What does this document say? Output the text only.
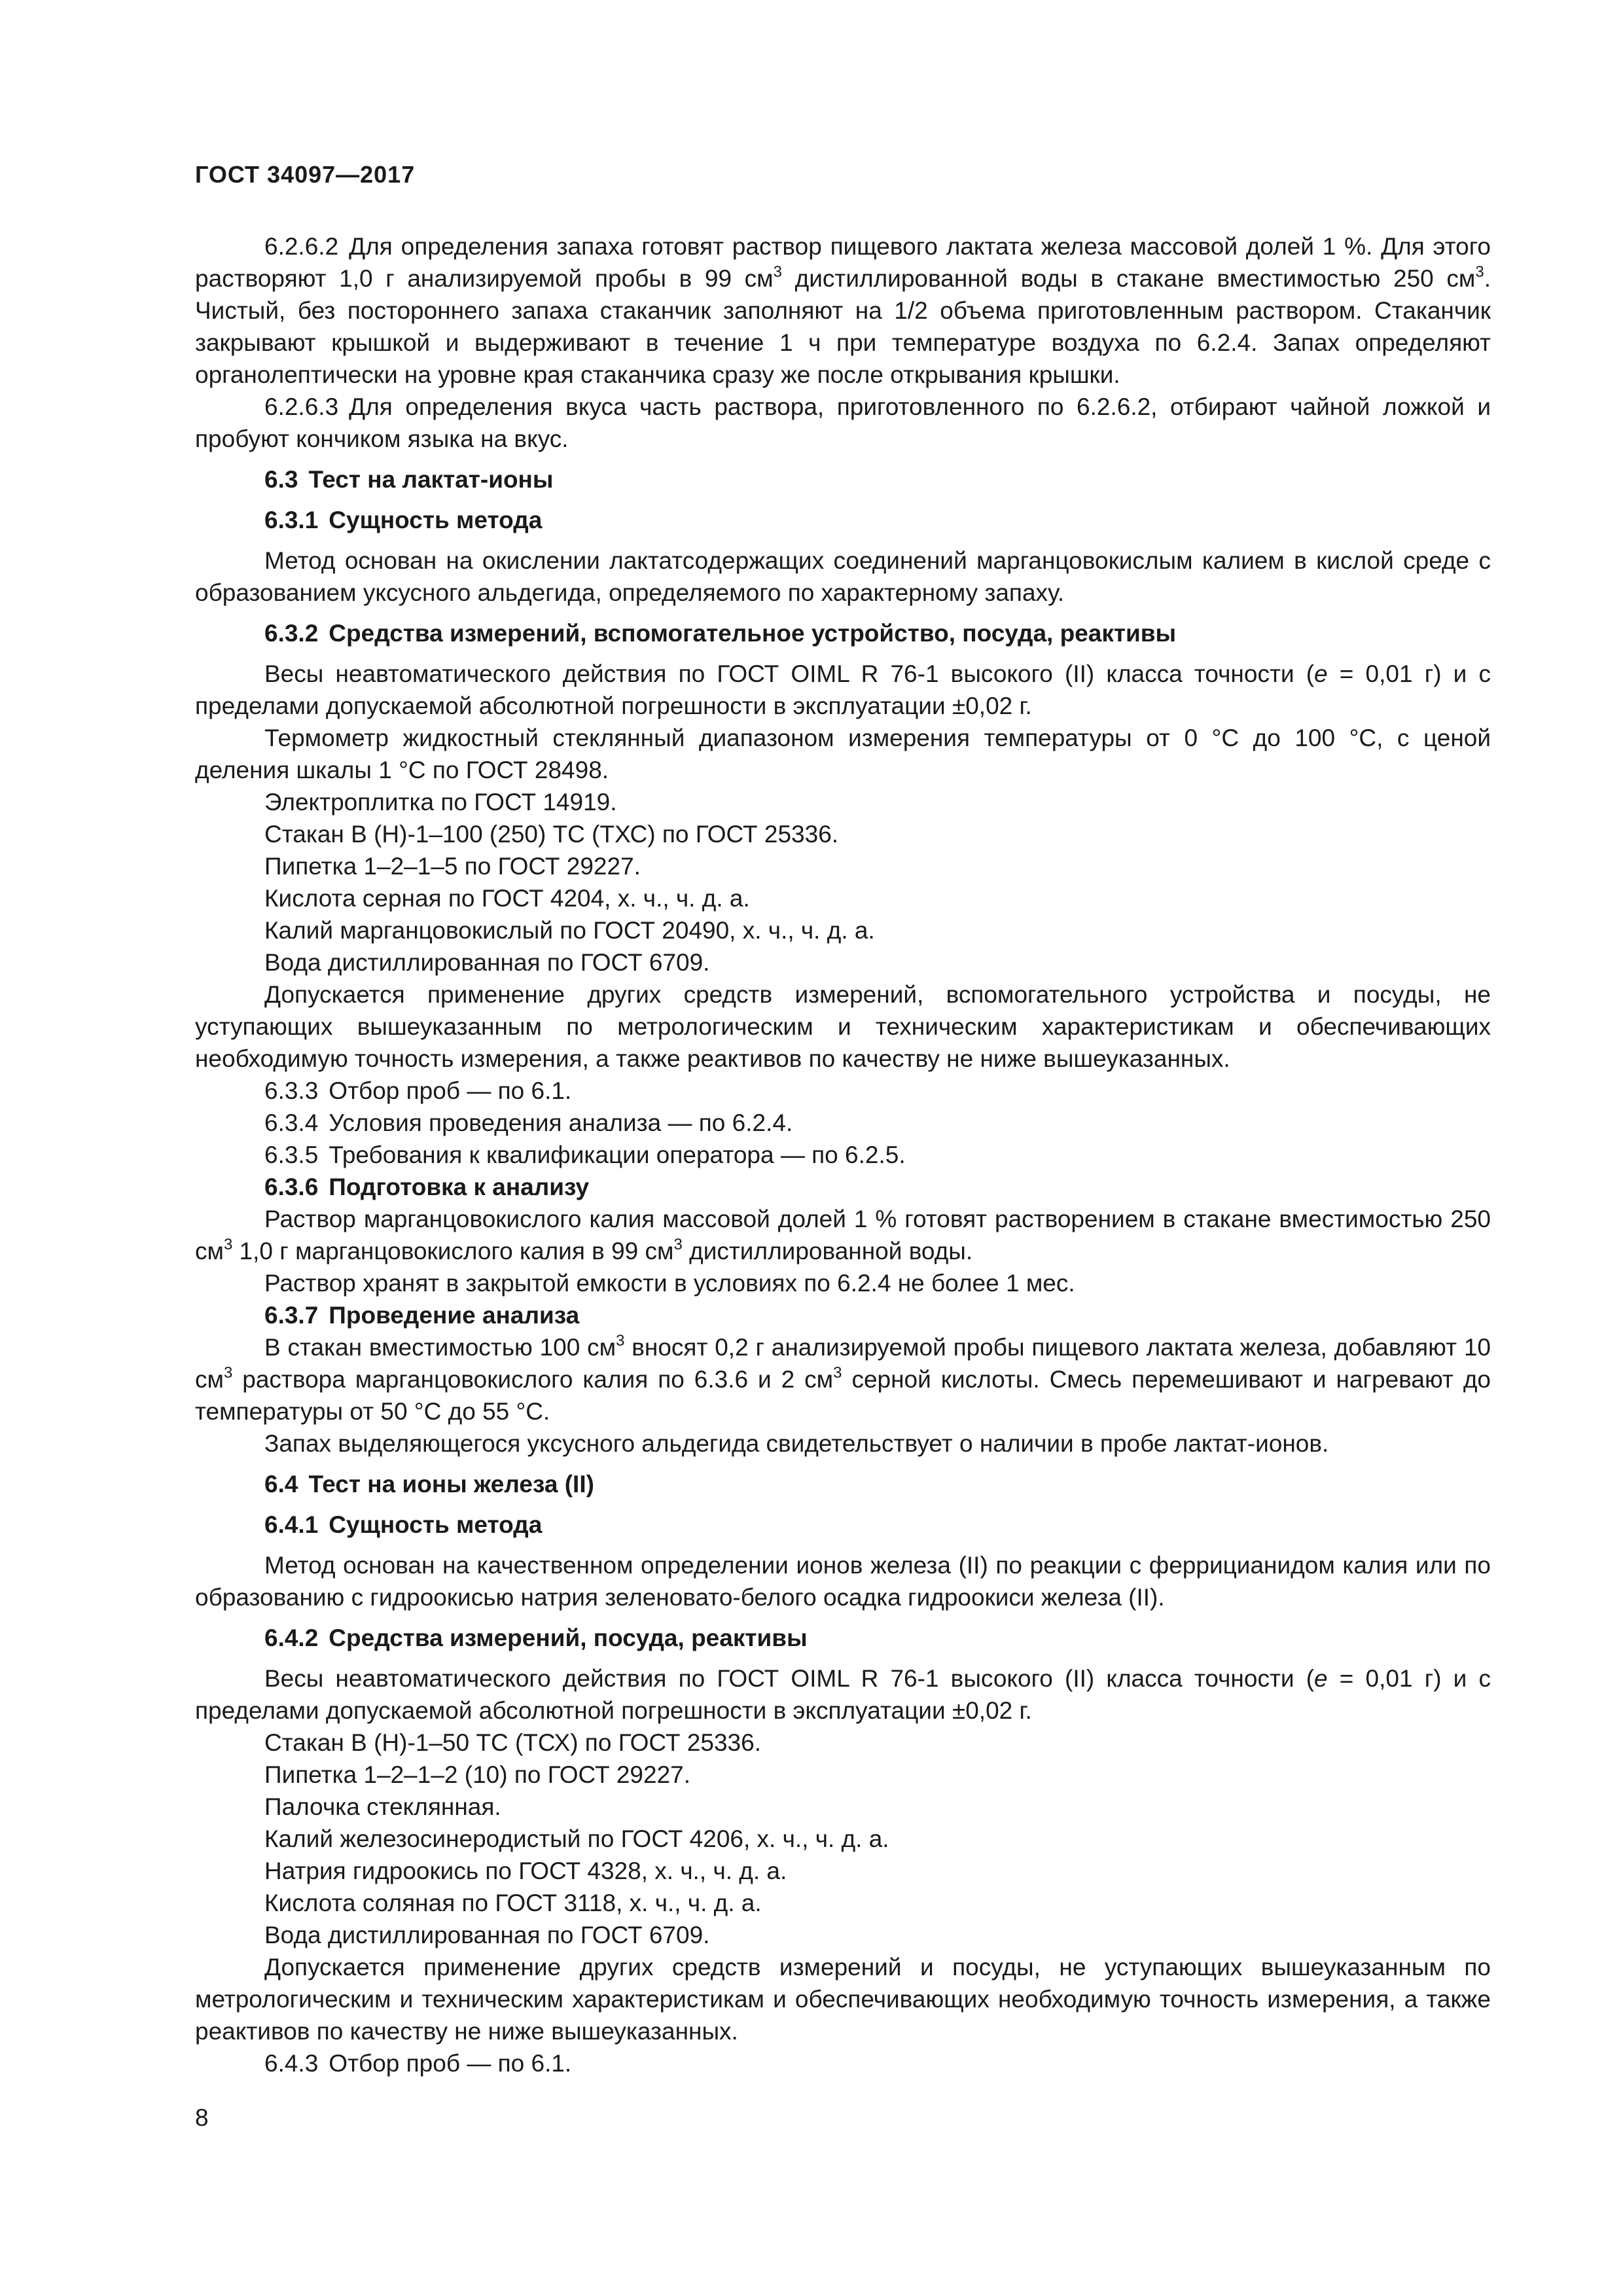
ГОСТ 34097—2017

6.2.6.2 Для определения запаха готовят раствор пищевого лактата железа массовой долей 1 %. Для этого растворяют 1,0 г анализируемой пробы в 99 $см^3$ дистиллированной воды в стакане вместимостью 250 $см^3$. Чистый, без постороннего запаха стаканчик заполняют на 1/2 объема приготовленным раствором. Стаканчик закрывают крышкой и выдерживают в течение 1 ч при температуре воздуха по 6.2.4. Запах определяют органолептически на уровне края стаканчика сразу же после открывания крышки.

6.2.6.3 Для определения вкуса часть раствора, приготовленного по 6.2.6.2, отбирают чайной ложкой и пробуют кончиком языка на вкус.

6.3 Тест на лактат-ионы
6.3.1 Сущность метода

Метод основан на окислении лактатсодержащих соединений марганцовокислым калием в кислой среде с образованием уксусного альдегида, определяемого по характерному запаху.

6.3.2 Средства измерений, вспомогательное устройство, посуда, реактивы

Весы неавтоматического действия по ГОСТ OIML R 76-1 высокого (II) класса точности (е = 0,01 г) и с пределами допускаемой абсолютной погрешности в эксплуатации ±0,02 г.

Термометр жидкостный стеклянный диапазоном измерения температуры от 0 °С до 100 °С, с ценой деления шкалы 1 °С по ГОСТ 28498.

Электроплитка по ГОСТ 14919.

Стакан В (Н)-1–100 (250) ТС (ТХС) по ГОСТ 25336.

Пипетка 1–2–1–5 по ГОСТ 29227.

Кислота серная по ГОСТ 4204, х. ч., ч. д. а.

Калий марганцовокислый по ГОСТ 20490, х. ч., ч. д. а.

Вода дистиллированная по ГОСТ 6709.

Допускается применение других средств измерений, вспомогательного устройства и посуды, не уступающих вышеуказанным по метрологическим и техническим характеристикам и обеспечивающих необходимую точность измерения, а также реактивов по качеству не ниже вышеуказанных.

6.3.3 Отбор проб — по 6.1.

6.3.4 Условия проведения анализа — по 6.2.4.

6.3.5 Требования к квалификации оператора — по 6.2.5.

6.3.6 Подготовка к анализу

Раствор марганцовокислого калия массовой долей 1 % готовят растворением в стакане вместимостью 250 $см^3$ 1,0 г марганцовокислого калия в 99 $см^3$ дистиллированной воды.

Раствор хранят в закрытой емкости в условиях по 6.2.4 не более 1 мес.

6.3.7 Проведение анализа

В стакан вместимостью 100 $см^3$ вносят 0,2 г анализируемой пробы пищевого лактата железа, добавляют 10 $см^3$ раствора марганцовокислого калия по 6.3.6 и 2 $см^3$ серной кислоты. Смесь перемешивают и нагревают до температуры от 50 °С до 55 °С.

Запах выделяющегося уксусного альдегида свидетельствует о наличии в пробе лактат-ионов.

6.4 Тест на ионы железа (II)
6.4.1 Сущность метода

Метод основан на качественном определении ионов железа (II) по реакции с феррицианидом калия или по образованию с гидроокисью натрия зеленовато-белого осадка гидроокиси железа (II).

6.4.2 Средства измерений, посуда, реактивы

Весы неавтоматического действия по ГОСТ OIML R 76-1 высокого (II) класса точности (е = 0,01 г) и с пределами допускаемой абсолютной погрешности в эксплуатации ±0,02 г.

Стакан В (Н)-1–50 ТС (ТСХ) по ГОСТ 25336.

Пипетка 1–2–1–2 (10) по ГОСТ 29227.

Палочка стеклянная.

Калий железосинеродистый по ГОСТ 4206, х. ч., ч. д. а.

Натрия гидроокись по ГОСТ 4328, х. ч., ч. д. а.

Кислота соляная по ГОСТ 3118, х. ч., ч. д. а.

Вода дистиллированная по ГОСТ 6709.

Допускается применение других средств измерений и посуды, не уступающих вышеуказанным по метрологическим и техническим характеристикам и обеспечивающих необходимую точность измерения, а также реактивов по качеству не ниже вышеуказанных.

6.4.3 Отбор проб — по 6.1.

8
